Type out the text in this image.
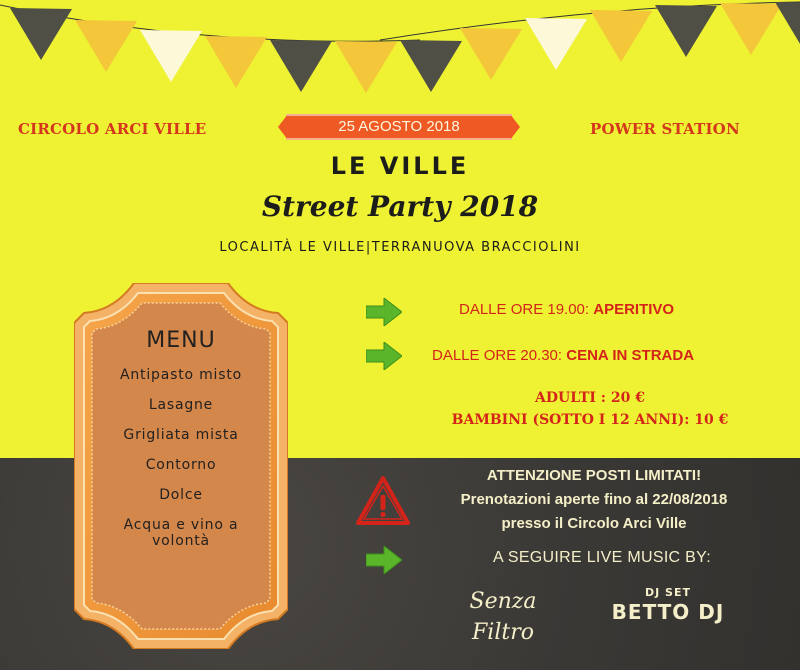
CIRCOLO ARCI VILLE	POWER STATION
25 AGOSTO 2018
LE VILLE
Street Party 2018
LOCALITÀ LE VILLE|TERRANUOVA BRACCIOLINI
MENU
Antipasto misto
Lasagne
Grigliata mista
Contorno
Dolce
Acqua e vino a volontà
DALLE ORE 19.00: APERITIVO
DALLE ORE 20.30: CENA IN STRADA
ADULTI : 20 €
BAMBINI (SOTTO I 12 ANNI): 10 €
ATTENZIONE POSTI LIMITATI!
Prenotazioni aperte fino al 22/08/2018
presso il Circolo Arci Ville
A SEGUIRE LIVE MUSIC BY:
Senza
Filtro
DJ SET
BETTO DJ
